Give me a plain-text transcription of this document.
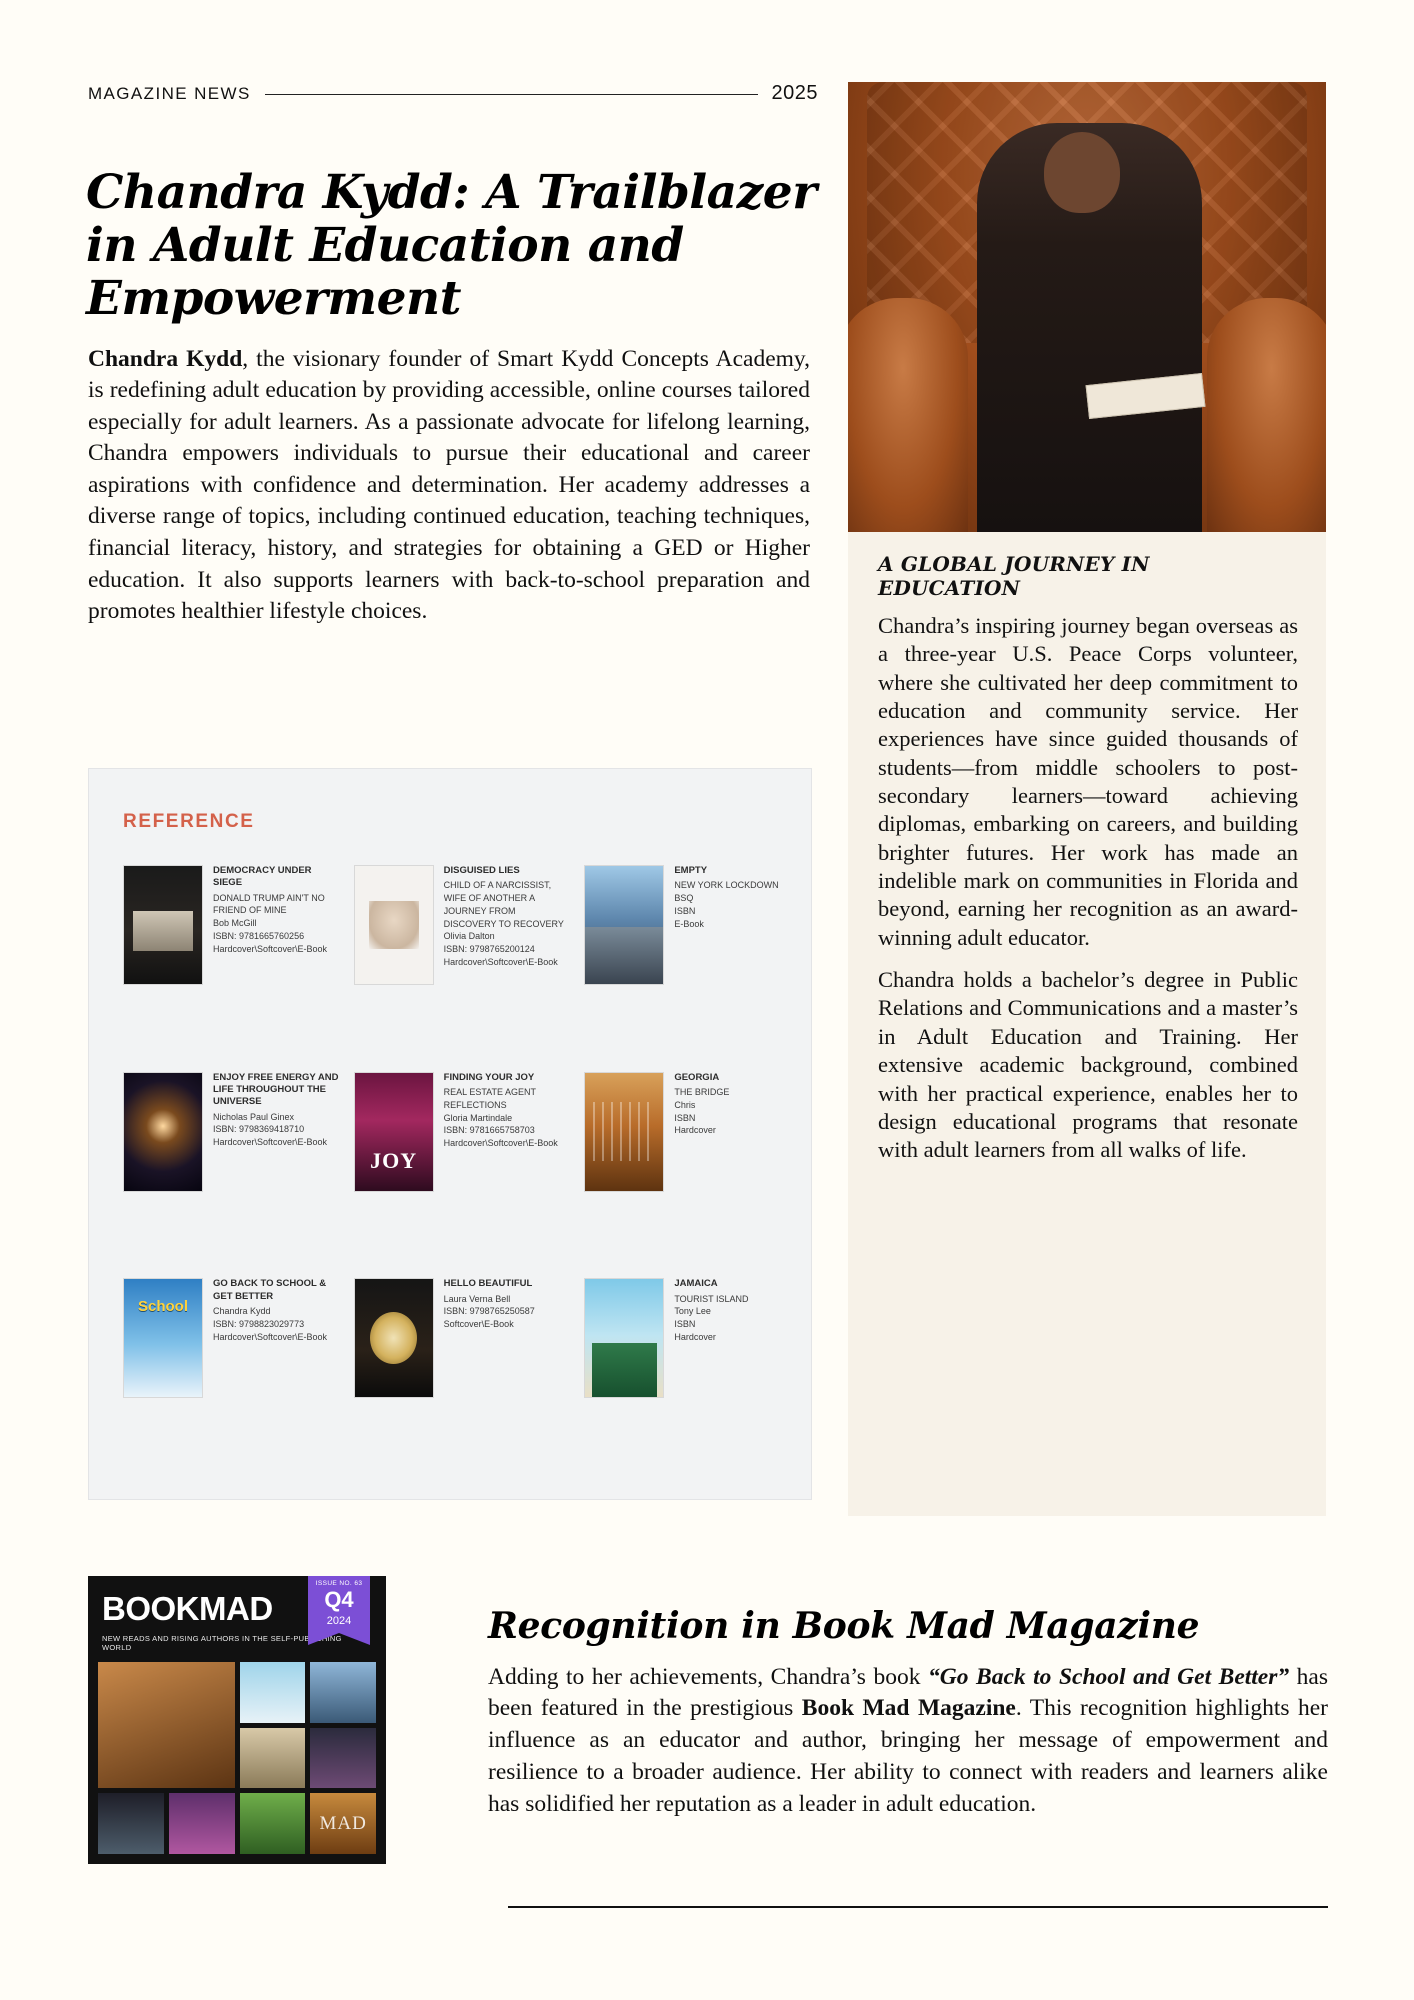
MAGAZINE NEWS	2025
Chandra Kydd: A Trailblazer in Adult Education and Empowerment

Chandra Kydd, the visionary founder of Smart Kydd Concepts Academy, is redefining adult education by providing accessible, online courses tailored especially for adult learners. As a passionate advocate for lifelong learning, Chandra empowers individuals to pursue their educational and career aspirations with confidence and determination. Her academy addresses a diverse range of topics, including continued education, teaching techniques, financial literacy, history, and strategies for obtaining a GED or Higher education. It also supports learners with back-to-school preparation and promotes healthier lifestyle choices.

A GLOBAL JOURNEY IN EDUCATION

Chandra’s inspiring journey began overseas as a three-year U.S. Peace Corps volunteer, where she cultivated her deep commitment to education and community service. Her experiences have since guided thousands of students—from middle schoolers to post-secondary learners—toward achieving diplomas, embarking on careers, and building brighter futures. Her work has made an indelible mark on communities in Florida and beyond, earning her recognition as an award-winning adult educator.

Chandra holds a bachelor’s degree in Public Relations and Communications and a master’s in Adult Education and Training. Her extensive academic background, combined with her practical experience, enables her to design educational programs that resonate with adult learners from all walks of life.

REFERENCE
DEMOCRACY UNDER SIEGE
DONALD TRUMP AIN'T NO FRIEND OF MINE
Bob McGill
ISBN: 9781665760256
Hardcover\Softcover\E-Book
DISGUISED LIES
CHILD OF A NARCISSIST, WIFE OF ANOTHER A JOURNEY FROM DISCOVERY TO RECOVERY
Olivia Dalton
ISBN: 9798765200124
Hardcover\Softcover\E-Book
EMPTY
NEW YORK LOCKDOWN
BSQ
ISBN
E-Book
ENJOY FREE ENERGY AND LIFE THROUGHOUT THE UNIVERSE
Nicholas Paul Ginex
ISBN: 9798369418710
Hardcover\Softcover\E-Book
JOY
FINDING YOUR JOY
REAL ESTATE AGENT REFLECTIONS
Gloria Martindale
ISBN: 9781665758703
Hardcover\Softcover\E-Book
GEORGIA
THE BRIDGE
Chris
ISBN
Hardcover
School
GO BACK TO SCHOOL & GET BETTER
Chandra Kydd
ISBN: 9798823029773
Hardcover\Softcover\E-Book
HELLO BEAUTIFUL
Laura Verna Bell
ISBN: 9798765250587
Softcover\E-Book
JAMAICA
TOURIST ISLAND
Tony Lee
ISBN
Hardcover
BOOKMAD
NEW READS AND RISING AUTHORS IN THE SELF-PUBLISHING WORLD
ISSUE NO. 63
Q4
2024
MAD	Recognition in Book Mad Magazine

Adding to her achievements, Chandra’s book “Go Back to School and Get Better” has been featured in the prestigious Book Mad Magazine. This recognition highlights her influence as an educator and author, bringing her message of empowerment and resilience to a broader audience. Her ability to connect with readers and learners alike has solidified her reputation as a leader in adult education.
